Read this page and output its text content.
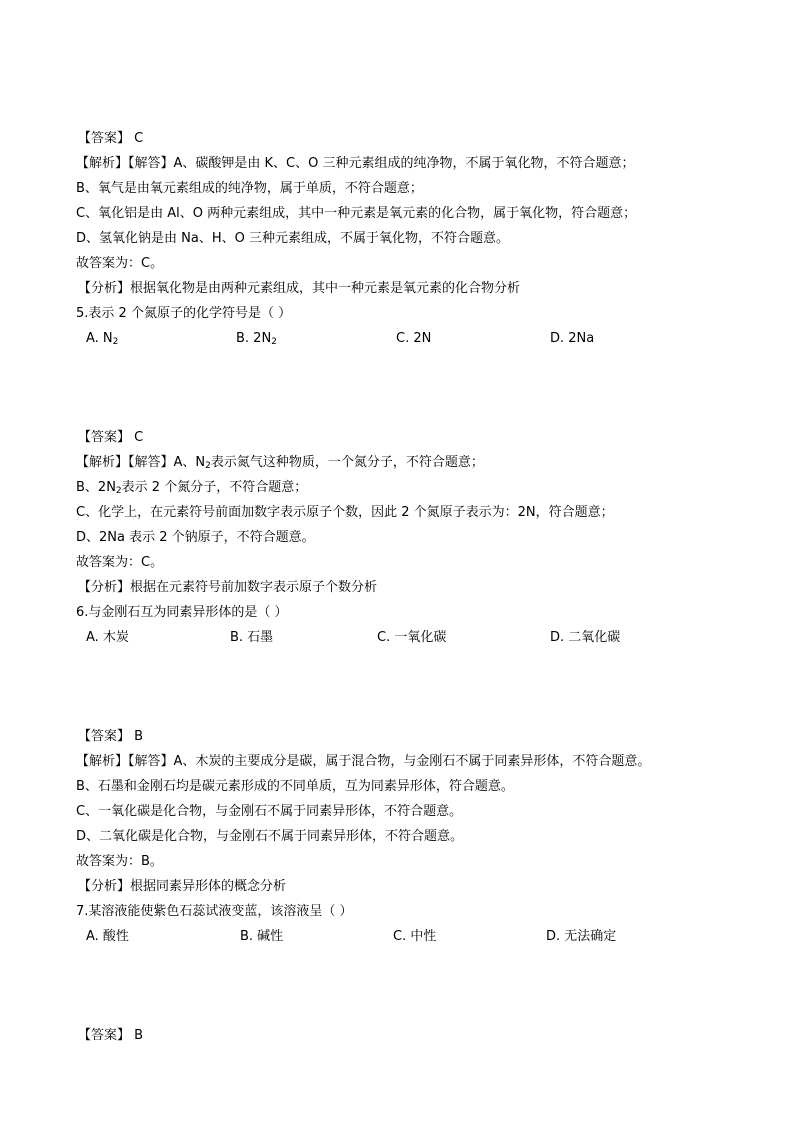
【答案】 C
【解析】【解答】A、碳酸钾是由 K、C、O 三种元素组成的纯净物，不属于氧化物，不符合题意；
B、氧气是由氧元素组成的纯净物，属于单质，不符合题意；
C、氧化铝是由 Al、O 两种元素组成，其中一种元素是氧元素的化合物，属于氧化物，符合题意；
D、氢氧化钠是由 Na、H、O 三种元素组成，不属于氧化物，不符合题意。
故答案为：C。
【分析】根据氧化物是由两种元素组成，其中一种元素是氧元素的化合物分析
5.表示 2 个氮原子的化学符号是（ ）
A. $N_2$	B. $2N_2$	C. 2N	D. 2Na
【答案】 C
【解析】【解答】A、$N_2$表示氮气这种物质，一个氮分子，不符合题意；
B、$2N_2$表示 2 个氮分子，不符合题意；
C、化学上，在元素符号前面加数字表示原子个数，因此 2 个氮原子表示为：2N，符合题意；
D、2Na 表示 2 个钠原子，不符合题意。
故答案为：C。
【分析】根据在元素符号前加数字表示原子个数分析
6.与金刚石互为同素异形体的是（ ）
A. 木炭	B. 石墨	C. 一氧化碳	D. 二氧化碳
【答案】 B
【解析】【解答】A、木炭的主要成分是碳，属于混合物，与金刚石不属于同素异形体，不符合题意。
B、石墨和金刚石均是碳元素形成的不同单质，互为同素异形体，符合题意。
C、一氧化碳是化合物，与金刚石不属于同素异形体，不符合题意。
D、二氧化碳是化合物，与金刚石不属于同素异形体，不符合题意。
故答案为：B。
【分析】根据同素异形体的概念分析
7.某溶液能使紫色石蕊试液变蓝，该溶液呈（ ）
A. 酸性	B. 碱性	C. 中性	D. 无法确定
【答案】 B
